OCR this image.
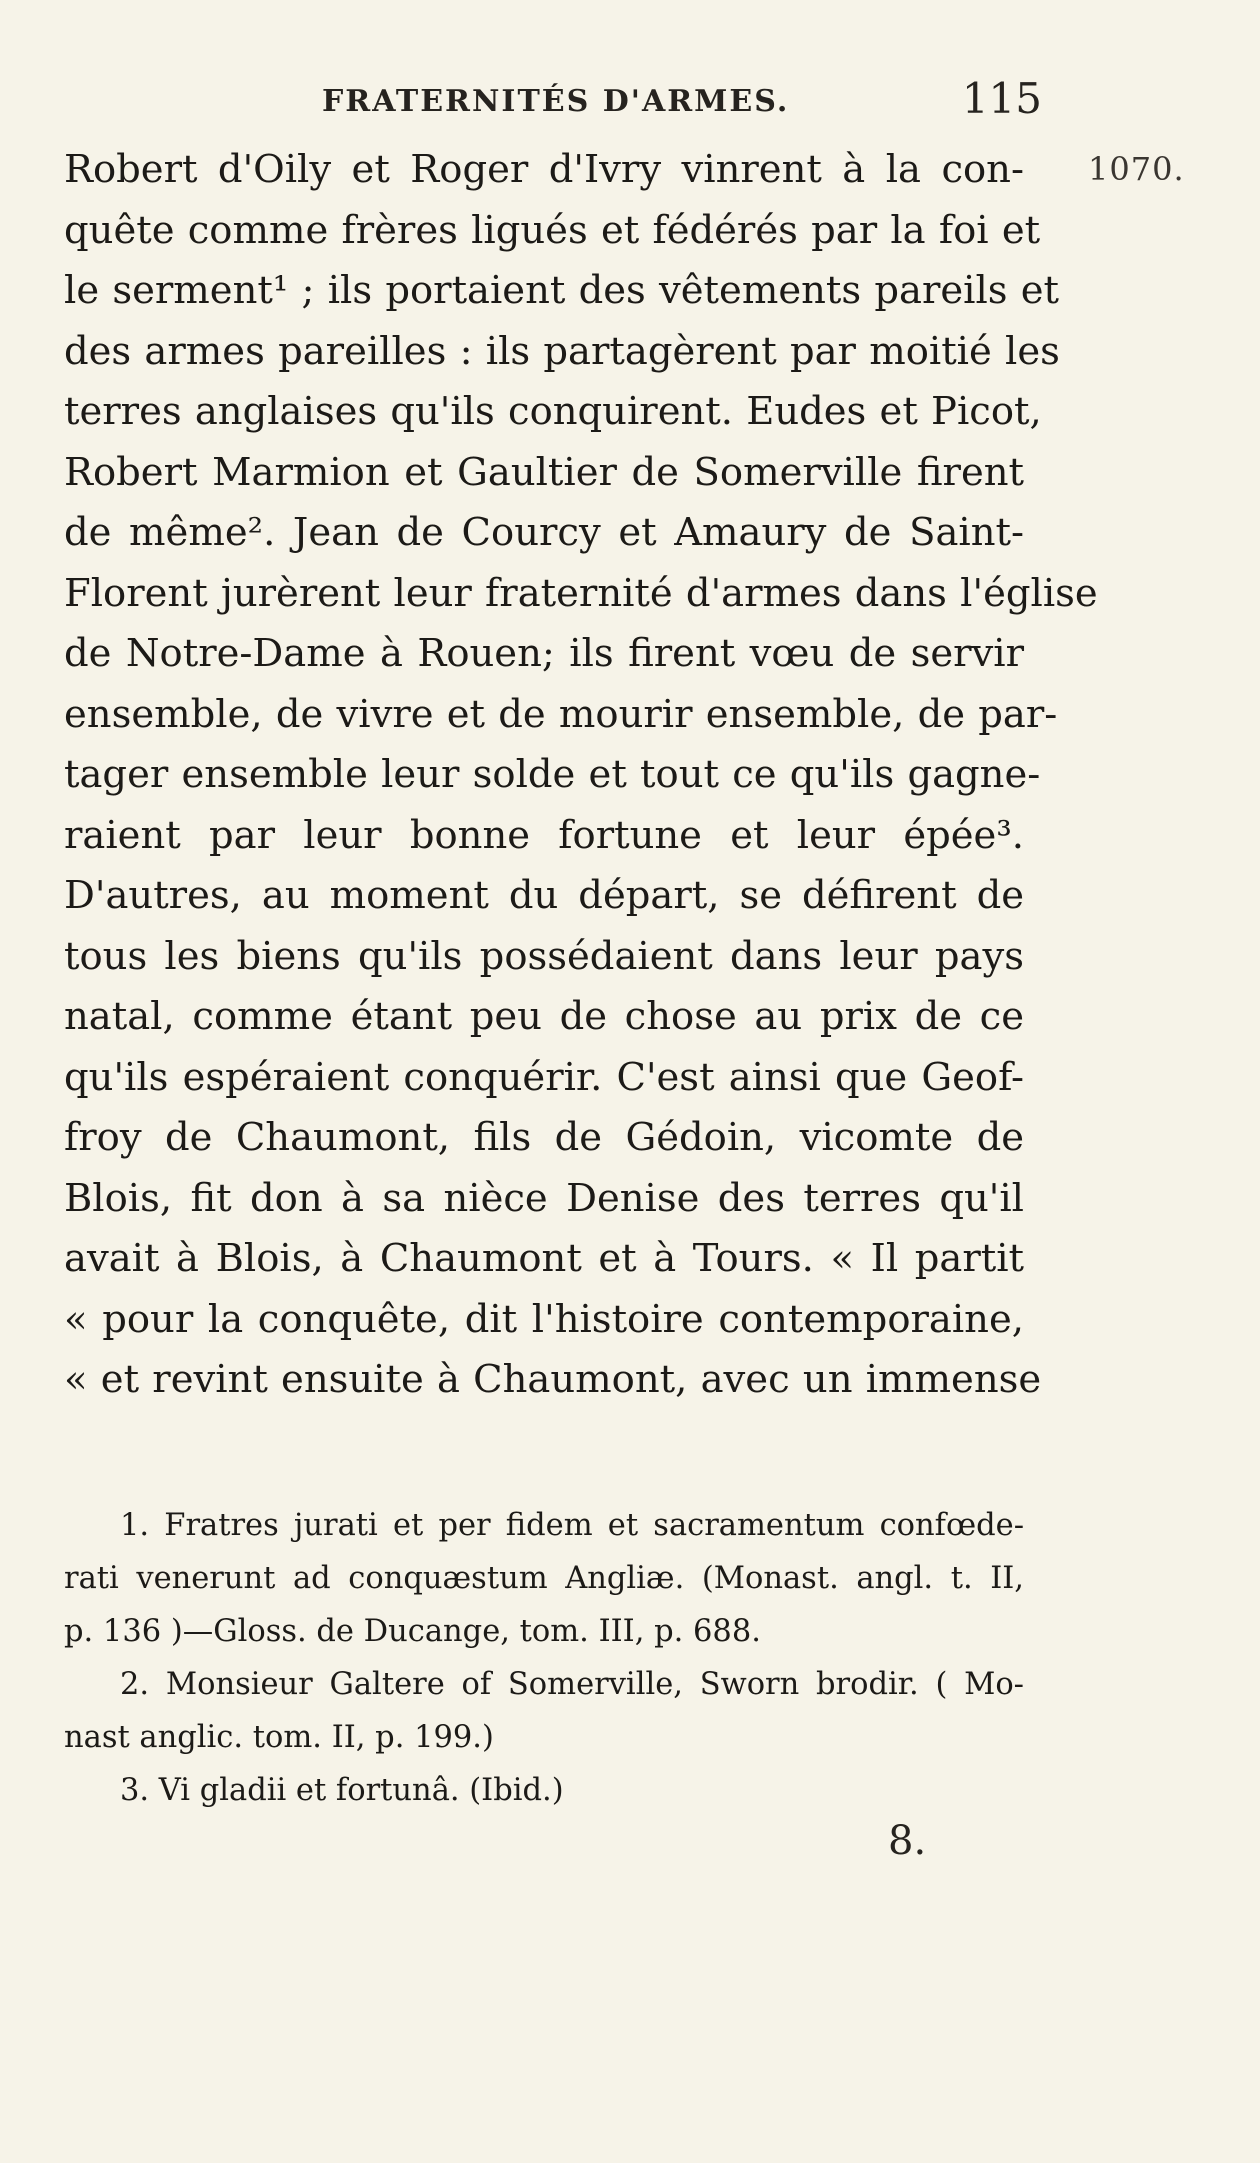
FRATERNITÉS D'ARMES.	115
1070.
Robert d'Oily et Roger d'Ivry vinrent à la con-
quête comme frères ligués et fédérés par la foi et
le serment¹ ; ils portaient des vêtements pareils et
des armes pareilles : ils partagèrent par moitié les
terres anglaises qu'ils conquirent. Eudes et Picot,
Robert Marmion et Gaultier de Somerville firent
de même². Jean de Courcy et Amaury de Saint-
Florent jurèrent leur fraternité d'armes dans l'église
de Notre-Dame à Rouen; ils firent vœu de servir
ensemble, de vivre et de mourir ensemble, de par-
tager ensemble leur solde et tout ce qu'ils gagne-
raient par leur bonne fortune et leur épée³.
D'autres, au moment du départ, se défirent de
tous les biens qu'ils possédaient dans leur pays
natal, comme étant peu de chose au prix de ce
qu'ils espéraient conquérir. C'est ainsi que Geof-
froy de Chaumont, fils de Gédoin, vicomte de
Blois, fit don à sa nièce Denise des terres qu'il
avait à Blois, à Chaumont et à Tours. « Il partit
« pour la conquête, dit l'histoire contemporaine,
« et revint ensuite à Chaumont, avec un immense
1. Fratres jurati et per fidem et sacramentum confœde-
rati venerunt ad conquæstum Angliæ. (Monast. angl. t. II,
p. 136 )—Gloss. de Ducange, tom. III, p. 688.
2. Monsieur Galtere of Somerville, Sworn brodir. ( Mo-
nast anglic. tom. II, p. 199.)
3. Vi gladii et fortunâ. (Ibid.)
8.
